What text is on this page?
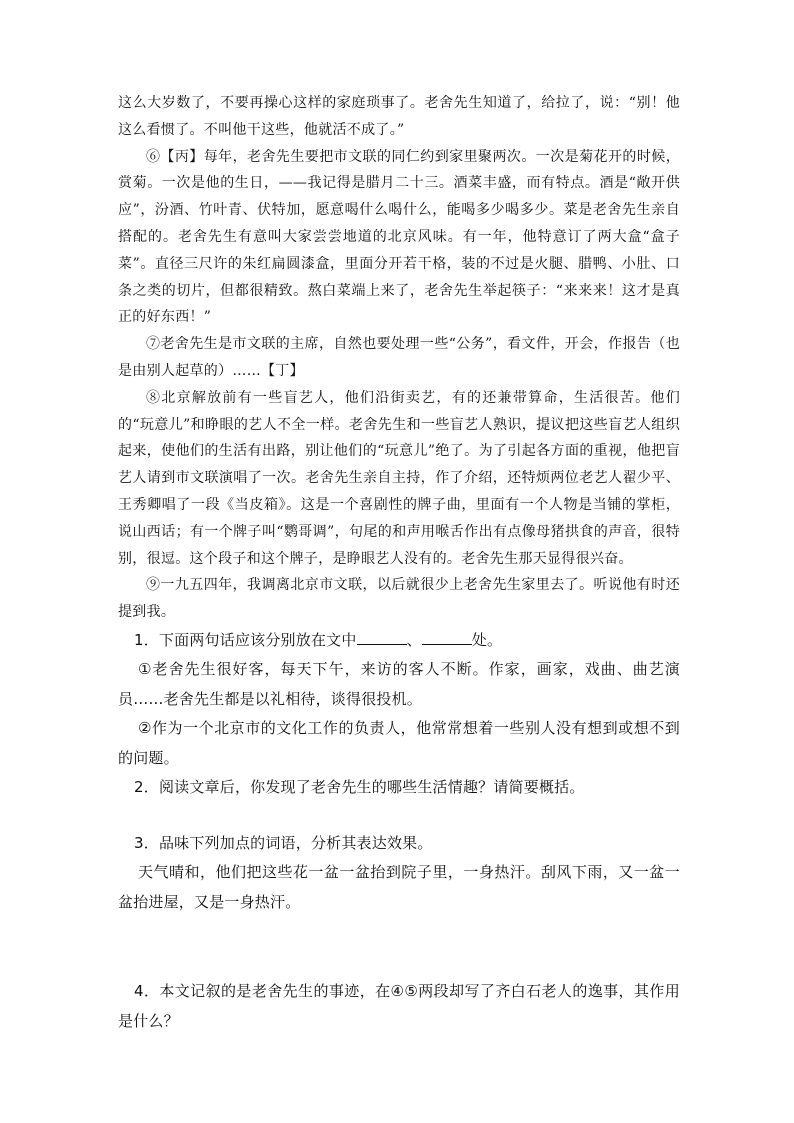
这么大岁数了，不要再操心这样的家庭琐事了。老舍先生知道了，给拉了，说：“别！他这么看惯了。不叫他干这些，他就活不成了。”

⑥【丙】每年，老舍先生要把市文联的同仁约到家里聚两次。一次是菊花开的时候，赏菊。一次是他的生日，——我记得是腊月二十三。酒菜丰盛，而有特点。酒是“敞开供应”，汾酒、竹叶青、伏特加，愿意喝什么喝什么，能喝多少喝多少。菜是老舍先生亲自搭配的。老舍先生有意叫大家尝尝地道的北京风味。有一年，他特意订了两大盒“盒子菜”。直径三尺许的朱红扁圆漆盒，里面分开若干格，装的不过是火腿、腊鸭、小肚、口条之类的切片，但都很精致。熬白菜端上来了，老舍先生举起筷子：“来来来！这才是真正的好东西！”

⑦老舍先生是市文联的主席，自然也要处理一些“公务”，看文件，开会，作报告（也是由别人起草的）……【丁】

⑧北京解放前有一些盲艺人，他们沿街卖艺，有的还兼带算命，生活很苦。他们的“玩意儿”和睁眼的艺人不全一样。老舍先生和一些盲艺人熟识，提议把这些盲艺人组织起来，使他们的生活有出路，别让他们的“玩意儿”绝了。为了引起各方面的重视，他把盲艺人请到市文联演唱了一次。老舍先生亲自主持，作了介绍，还特烦两位老艺人翟少平、王秀卿唱了一段《当皮箱》。这是一个喜剧性的牌子曲，里面有一个人物是当铺的掌柜，说山西话；有一个牌子叫“鹦哥调”，句尾的和声用喉舌作出有点像母猪拱食的声音，很特别，很逗。这个段子和这个牌子，是睁眼艺人没有的。老舍先生那天显得很兴奋。

⑨一九五四年，我调离北京市文联，以后就很少上老舍先生家里去了。听说他有时还提到我。

1．下面两句话应该分别放在文中	、	处。

①老舍先生很好客，每天下午，来访的客人不断。作家，画家，戏曲、曲艺演员……老舍先生都是以礼相待，谈得很投机。

②作为一个北京市的文化工作的负责人，他常常想着一些别人没有想到或想不到的问题。

2．阅读文章后，你发现了老舍先生的哪些生活情趣？请简要概括。

3．品味下列加点的词语，分析其表达效果。

天气晴和，他们把这些花一盆一盆抬到院子里，一身热汗。刮风下雨，又一盆一盆抬进屋，又是一身热汗。

4．本文记叙的是老舍先生的事迹，在④⑤两段却写了齐白石老人的逸事，其作用是什么？
